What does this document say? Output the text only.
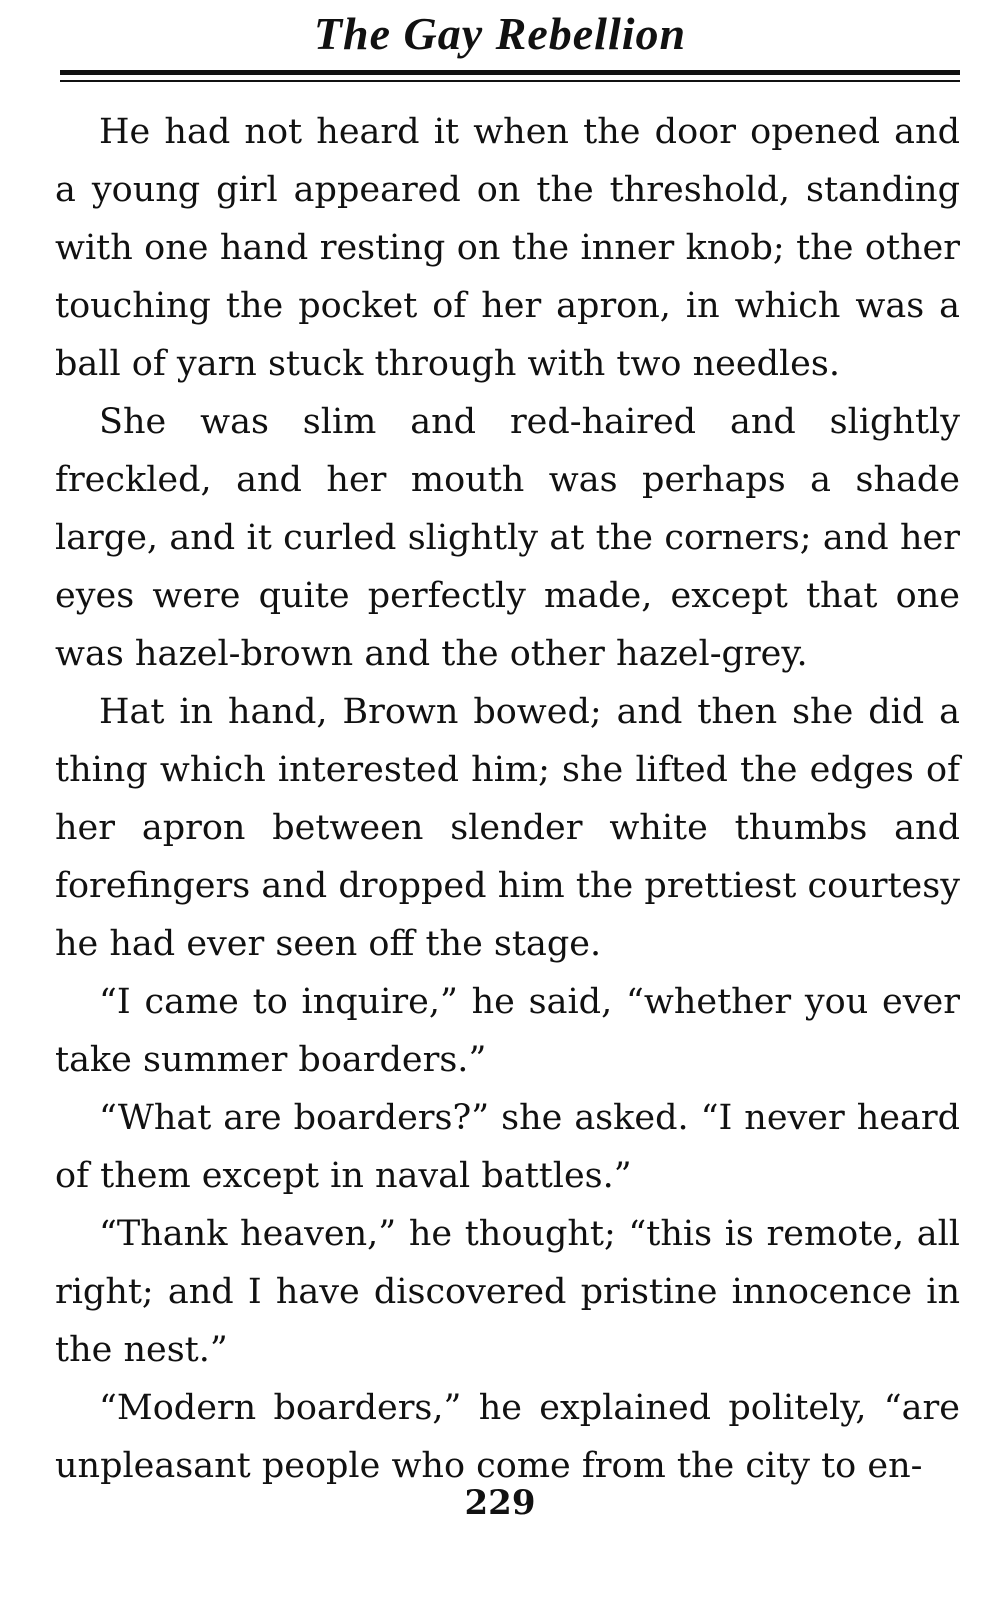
The Gay Rebellion

He had not heard it when the door opened and a young girl appeared on the threshold, standing with one hand resting on the inner knob; the other touching the pocket of her apron, in which was a ball of yarn stuck through with two needles.

She was slim and red-haired and slightly freckled, and her mouth was perhaps a shade large, and it curled slightly at the corners; and her eyes were quite perfectly made, except that one was hazel-brown and the other hazel-grey.

Hat in hand, Brown bowed; and then she did a thing which interested him; she lifted the edges of her apron between slender white thumbs and forefingers and dropped him the prettiest courtesy he had ever seen off the stage.

“I came to inquire,” he said, “whether you ever take summer boarders.”

“What are boarders?” she asked. “I never heard of them except in naval battles.”

“Thank heaven,” he thought; “this is remote, all right; and I have discovered pristine innocence in the nest.”

“Modern boarders,” he explained politely, “are unpleasant people who come from the city to en-

229
